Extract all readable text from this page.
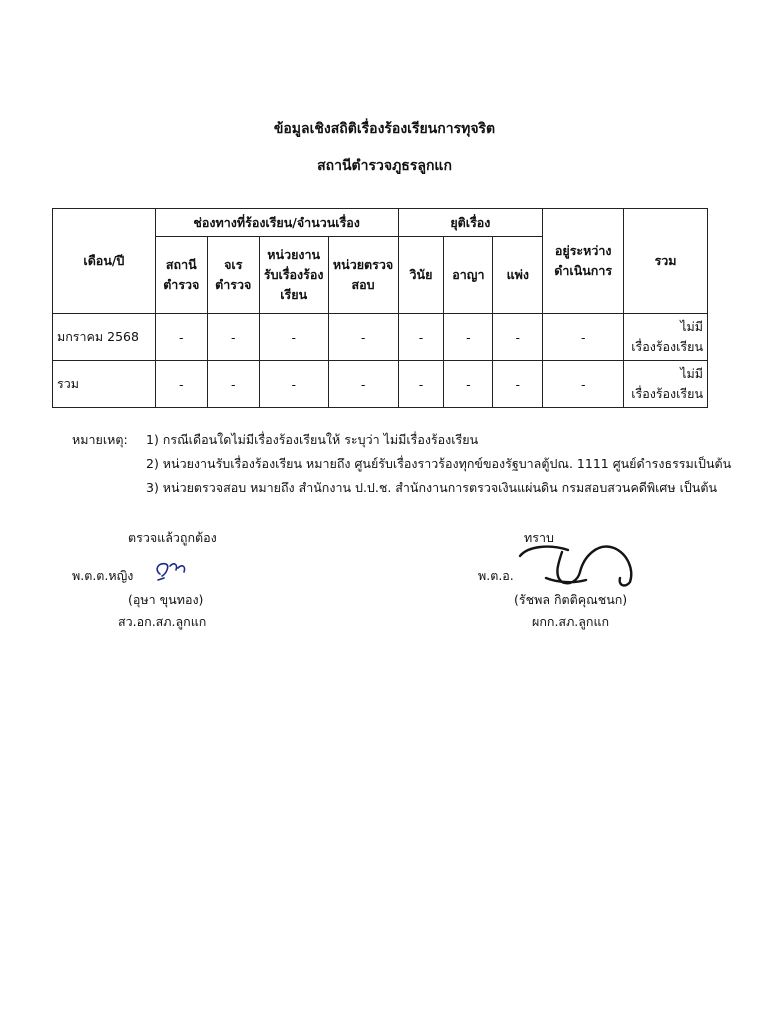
ข้อมูลเชิงสถิติเรื่องร้องเรียนการทุจริต
สถานีตำรวจภูธรลูกแก
เดือน/ปี	ช่องทางที่ร้องเรียน/จำนวนเรื่อง				ยุติเรื่อง			อยู่ระหว่างดำเนินการ	รวม
	สถานีตำรวจ	จเรตำรวจ	หน่วยงานรับเรื่องร้องเรียน	หน่วยตรวจสอบ	วินัย	อาญา	แพ่ง		
มกราคม 2568	-	-	-	-	-	-	-	-	ไม่มี
เรื่องร้องเรียน

รวม	-	-	-	-	-	-	-	-	ไม่มี
เรื่องร้องเรียน
หมายเหตุ:	1) กรณีเดือนใดไม่มีเรื่องร้องเรียนให้ ระบุว่า ไม่มีเรื่องร้องเรียน
2) หน่วยงานรับเรื่องร้องเรียน หมายถึง ศูนย์รับเรื่องราวร้องทุกข์ของรัฐบาลตู้ปณ. 1111 ศูนย์ดำรงธรรมเป็นต้น
3) หน่วยตรวจสอบ หมายถึง สำนักงาน ป.ป.ช. สำนักงานการตรวจเงินแผ่นดิน กรมสอบสวนคดีพิเศษ เป็นต้น
ตรวจแล้วถูกต้อง
พ.ต.ต.หญิง
(อุษา ขุนทอง)
สว.อก.สภ.ลูกแก
ทราบ
พ.ต.อ.
(รัชพล กิตติคุณชนก)
ผกก.สภ.ลูกแก
